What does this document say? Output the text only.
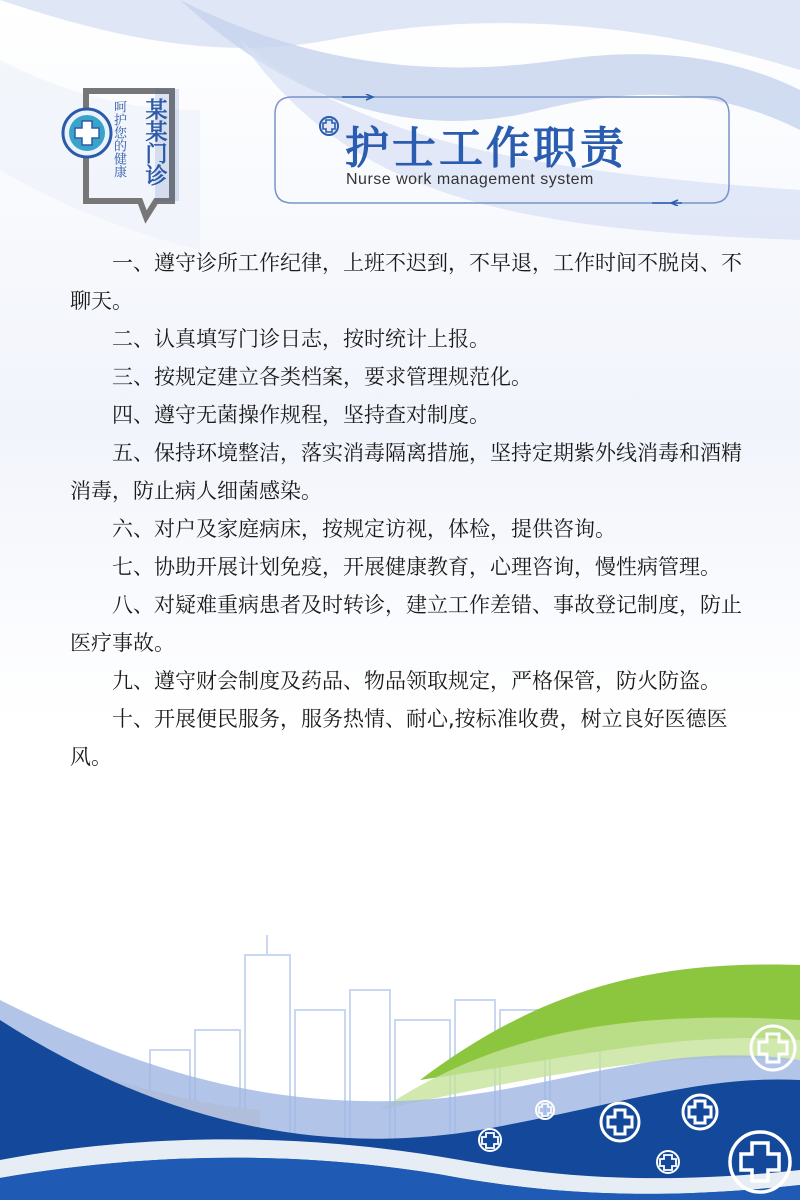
某某门诊
呵护您的健康	护士工作职责
Nurse work management system

一、遵守诊所工作纪律，上班不迟到，不早退，工作时间不脱岗、不聊天。

二、认真填写门诊日志，按时统计上报。

三、按规定建立各类档案，要求管理规范化。

四、遵守无菌操作规程，坚持查对制度。

五、保持环境整洁，落实消毒隔离措施，坚持定期紫外线消毒和酒精消毒，防止病人细菌感染。

六、对户及家庭病床，按规定访视，体检，提供咨询。

七、协助开展计划免疫，开展健康教育，心理咨询，慢性病管理。

八、对疑难重病患者及时转诊，建立工作差错、事故登记制度，防止医疗事故。

九、遵守财会制度及药品、物品领取规定，严格保管，防火防盗。

十、开展便民服务，服务热情、耐心,按标准收费，树立良好医德医风。
